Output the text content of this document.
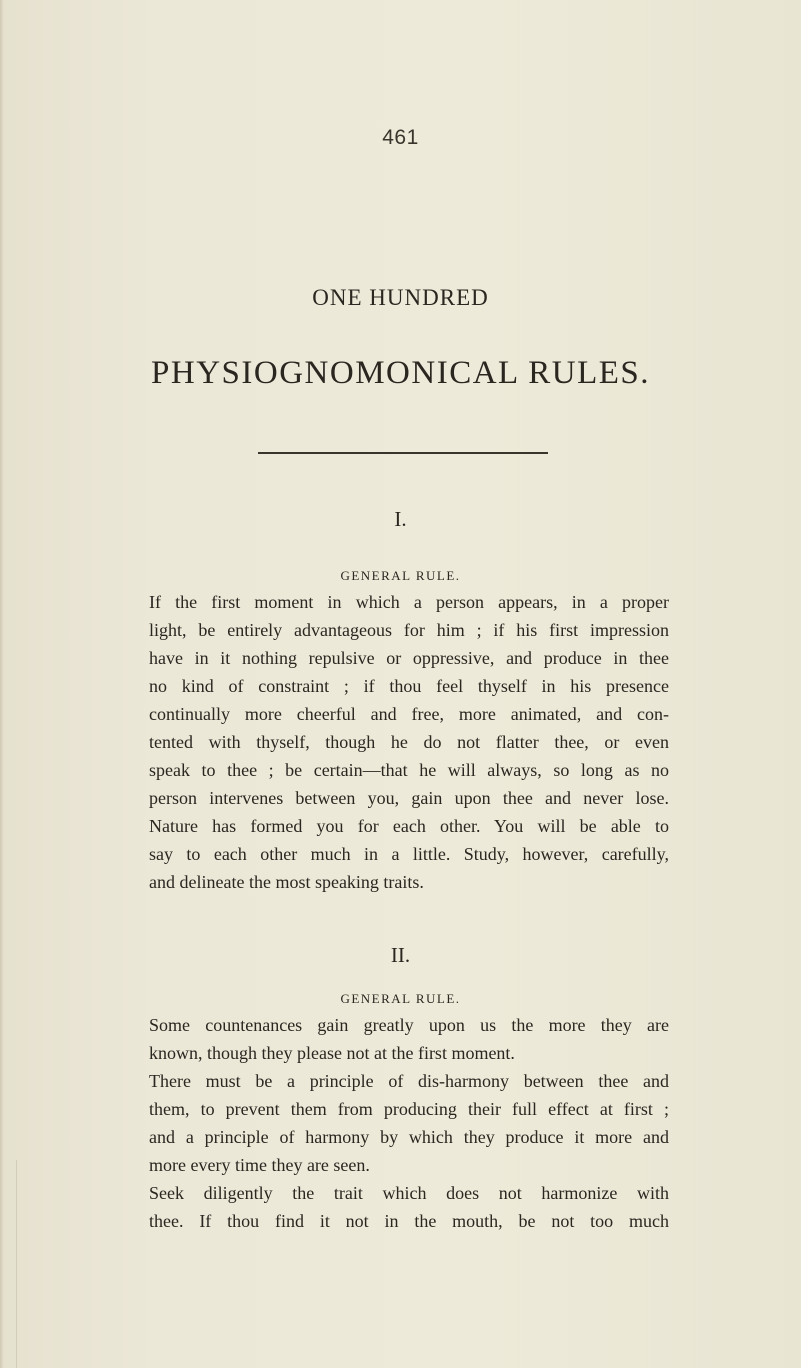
461
ONE HUNDRED
PHYSIOGNOMONICAL RULES.
I.
GENERAL RULE.
If the first moment in which a person appears, in a proper
light, be entirely advantageous for him ; if his first impression
have in it nothing repulsive or oppressive, and produce in thee
no kind of constraint ; if thou feel thyself in his presence
continually more cheerful and free, more animated, and con-
tented with thyself, though he do not flatter thee, or even
speak to thee ; be certain—that he will always, so long as no
person intervenes between you, gain upon thee and never lose.
Nature has formed you for each other. You will be able to
say to each other much in a little. Study, however, carefully,
and delineate the most speaking traits.
II.
GENERAL RULE.
Some countenances gain greatly upon us the more they are
known, though they please not at the first moment.
There must be a principle of dis-harmony between thee and
them, to prevent them from producing their full effect at first ;
and a principle of harmony by which they produce it more and
more every time they are seen.
Seek diligently the trait which does not harmonize with
thee. If thou find it not in the mouth, be not too much
